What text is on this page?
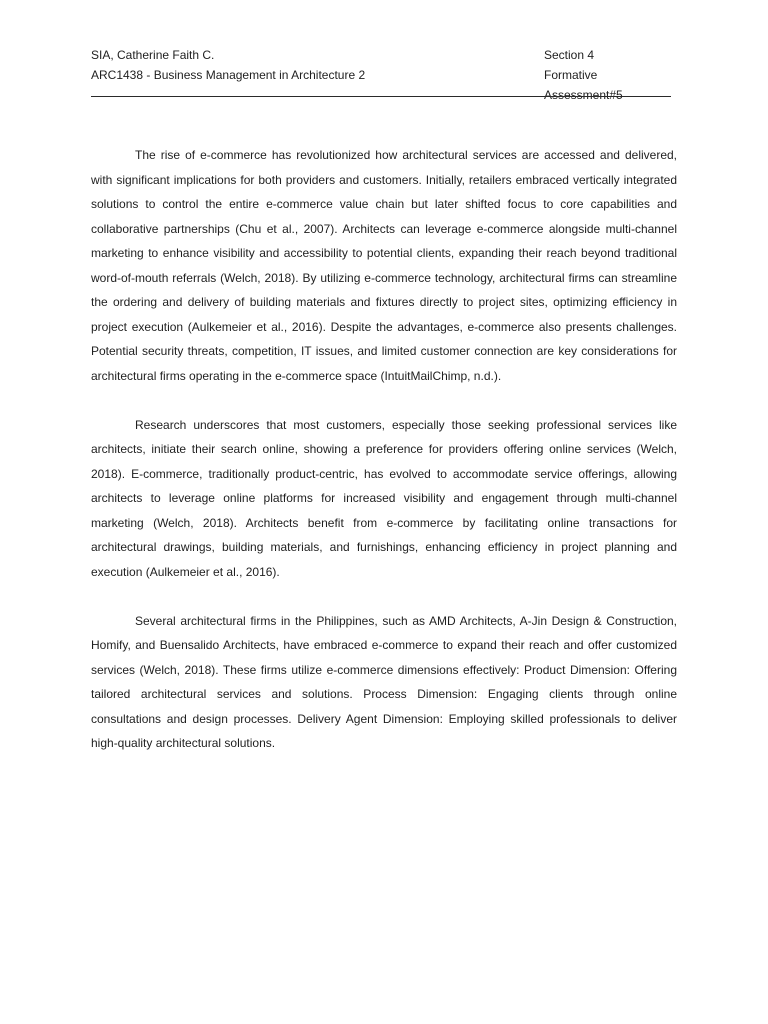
SIA, Catherine Faith C.	Section 4
ARC1438 - Business Management in Architecture 2	Formative Assessment#5

The rise of e-commerce has revolutionized how architectural services are accessed and delivered, with significant implications for both providers and customers. Initially, retailers embraced vertically integrated solutions to control the entire e-commerce value chain but later shifted focus to core capabilities and collaborative partnerships (Chu et al., 2007). Architects can leverage e-commerce alongside multi-channel marketing to enhance visibility and accessibility to potential clients, expanding their reach beyond traditional word-of-mouth referrals (Welch, 2018). By utilizing e-commerce technology, architectural firms can streamline the ordering and delivery of building materials and fixtures directly to project sites, optimizing efficiency in project execution (Aulkemeier et al., 2016). Despite the advantages, e-commerce also presents challenges. Potential security threats, competition, IT issues, and limited customer connection are key considerations for architectural firms operating in the e-commerce space (IntuitMailChimp, n.d.).

Research underscores that most customers, especially those seeking professional services like architects, initiate their search online, showing a preference for providers offering online services (Welch, 2018). E-commerce, traditionally product-centric, has evolved to accommodate service offerings, allowing architects to leverage online platforms for increased visibility and engagement through multi-channel marketing (Welch, 2018). Architects benefit from e-commerce by facilitating online transactions for architectural drawings, building materials, and furnishings, enhancing efficiency in project planning and execution (Aulkemeier et al., 2016).

Several architectural firms in the Philippines, such as AMD Architects, A-Jin Design & Construction, Homify, and Buensalido Architects, have embraced e-commerce to expand their reach and offer customized services (Welch, 2018). These firms utilize e-commerce dimensions effectively: Product Dimension: Offering tailored architectural services and solutions. Process Dimension: Engaging clients through online consultations and design processes. Delivery Agent Dimension: Employing skilled professionals to deliver high-quality architectural solutions.
